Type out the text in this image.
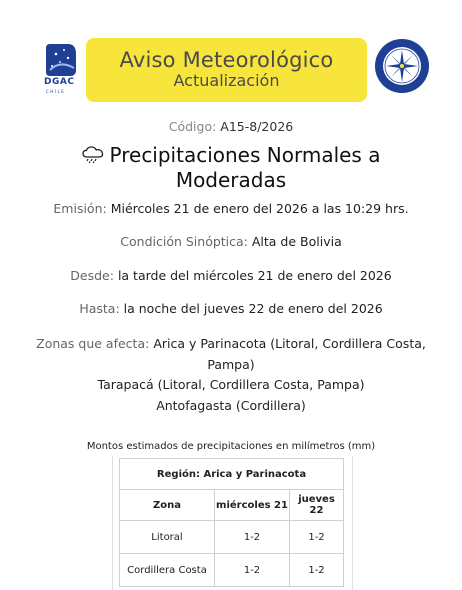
DGAC
CHILE
Aviso Meteorológico
Actualización
Código: A15-8/2026
Precipitaciones Normales a
Moderadas
Emisión: Miércoles 21 de enero del 2026 a las 10:29 hrs.
Condición Sinóptica: Alta de Bolivia
Desde: la tarde del miércoles 21 de enero del 2026
Hasta: la noche del jueves 22 de enero del 2026
Zonas que afecta: Arica y Parinacota (Litoral, Cordillera Costa,
Pampa)
Tarapacá (Litoral, Cordillera Costa, Pampa)
Antofagasta (Cordillera)
Montos estimados de precipitaciones en milímetros (mm)
Región: Arica y Parinacota		
Zona	miércoles 21	jueves 22
Litoral	1-2	1-2
Cordillera Costa	1-2	1-2
